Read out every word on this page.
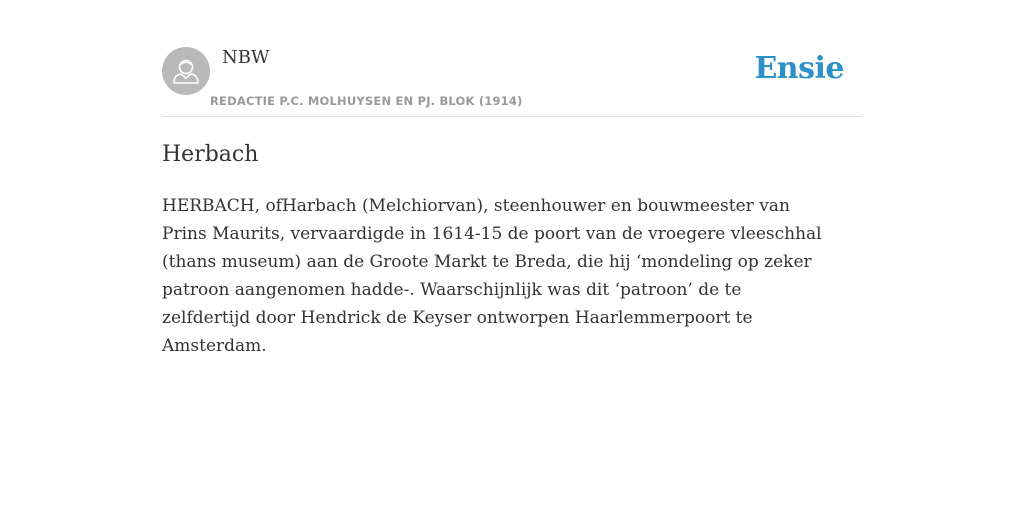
NBW
REDACTIE P.C. MOLHUYSEN EN PJ. BLOK (1914)
Ensie
Herbach

HERBACH, ofHarbach (Melchiorvan), steenhouwer en bouwmeester van Prins Maurits, vervaardigde in 1614-15 de poort van de vroegere vleeschhal (thans museum) aan de Groote Markt te Breda, die hij ‘mondeling op zeker patroon aangenomen hadde-. Waarschijnlijk was dit ‘patroon’ de te zelfdertijd door Hendrick de Keyser ontworpen Haarlemmerpoort te Amsterdam.
